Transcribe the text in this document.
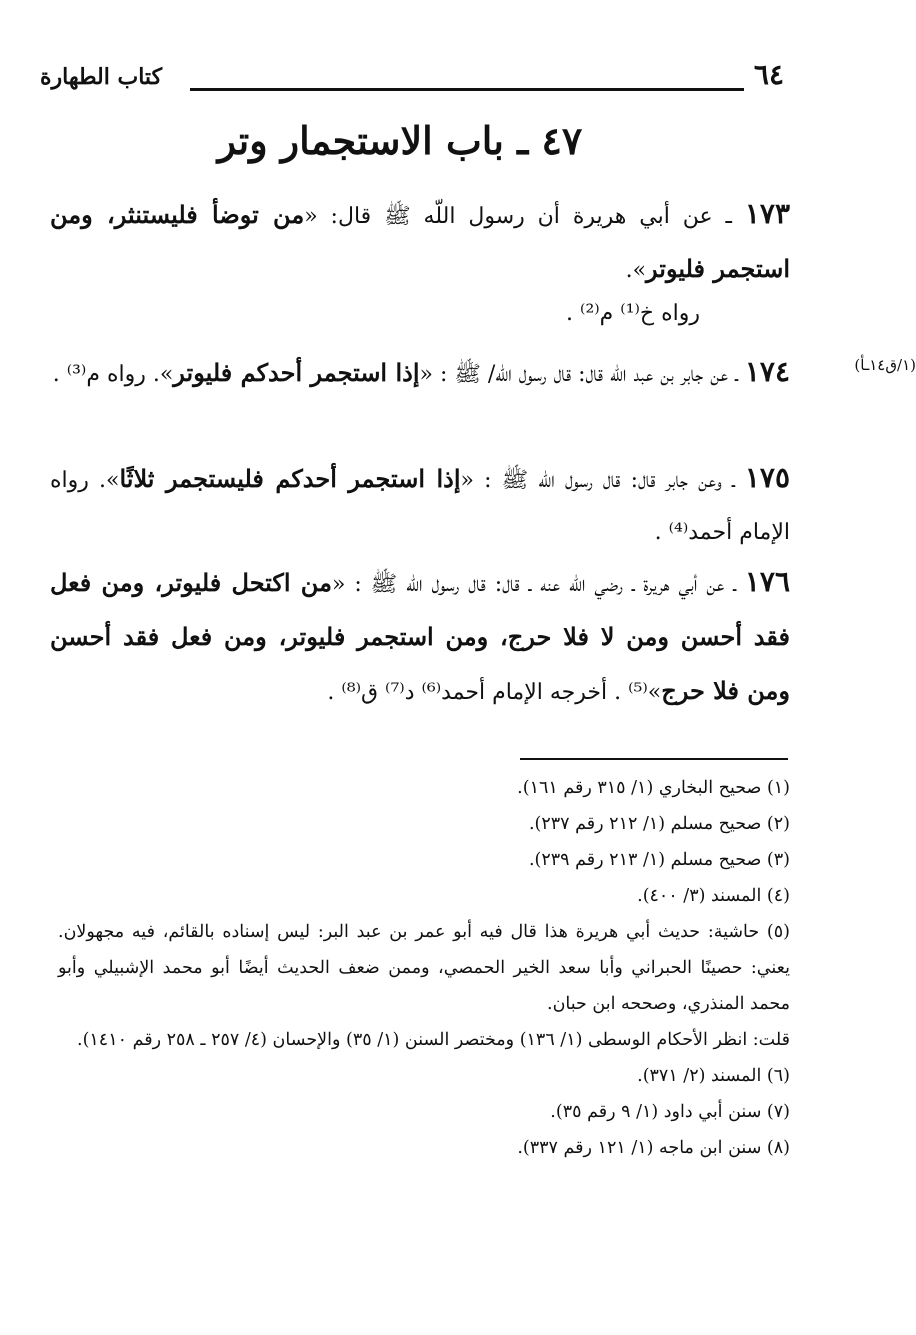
٦٤
كتاب الطهارة
٤٧ ـ باب الاستجمار وتر
(١/ق١٤ـأ)
١٧٣ ـ عن أبي هريرة أن رسول اللّه ﷺ قال: «من توضأ فليستنثر، ومن استجمر فليوتر».
رواه خ⁽¹⁾ م⁽²⁾ .
١٧٤ ـ عن جابر بن عبد اللّه قال: قال رسول اللّه/ ﷺ : «إذا استجمر أحدكم فليوتر». رواه م⁽³⁾ .
١٧٥ ـ وعن جابر قال: قال رسول اللّه ﷺ : «إذا استجمر أحدكم فليستجمر ثلاثًا». رواه الإمام أحمد⁽⁴⁾ .
١٧٦ ـ عن أبي هريرة ـ رضي اللّه عنه ـ قال: قال رسول اللّه ﷺ : «من اكتحل فليوتر، ومن فعل فقد أحسن ومن لا فلا حرج، ومن استجمر فليوتر، ومن فعل فقد أحسن ومن فلا حرج»⁽⁵⁾ . أخرجه الإمام أحمد⁽⁶⁾ د⁽⁷⁾ ق⁽⁸⁾ .

(١) صحيح البخاري (١/ ٣١٥ رقم ١٦١).

(٢) صحيح مسلم (١/ ٢١٢ رقم ٢٣٧).

(٣) صحيح مسلم (١/ ٢١٣ رقم ٢٣٩).

(٤) المسند (٣/ ٤٠٠).

(٥) حاشية: حديث أبي هريرة هذا قال فيه أبو عمر بن عبد البر: ليس إسناده بالقائم، فيه مجهولان. يعني: حصينًا الحبراني وأبا سعد الخير الحمصي، وممن ضعف الحديث أيضًا أبو محمد الإشبيلي وأبو محمد المنذري، وصححه ابن حبان.

قلت: انظر الأحكام الوسطى (١/ ١٣٦) ومختصر السنن (١/ ٣٥) والإحسان (٤/ ٢٥٧ ـ ٢٥٨ رقم ١٤١٠).

(٦) المسند (٢/ ٣٧١).

(٧) سنن أبي داود (١/ ٩ رقم ٣٥).

(٨) سنن ابن ماجه (١/ ١٢١ رقم ٣٣٧).
